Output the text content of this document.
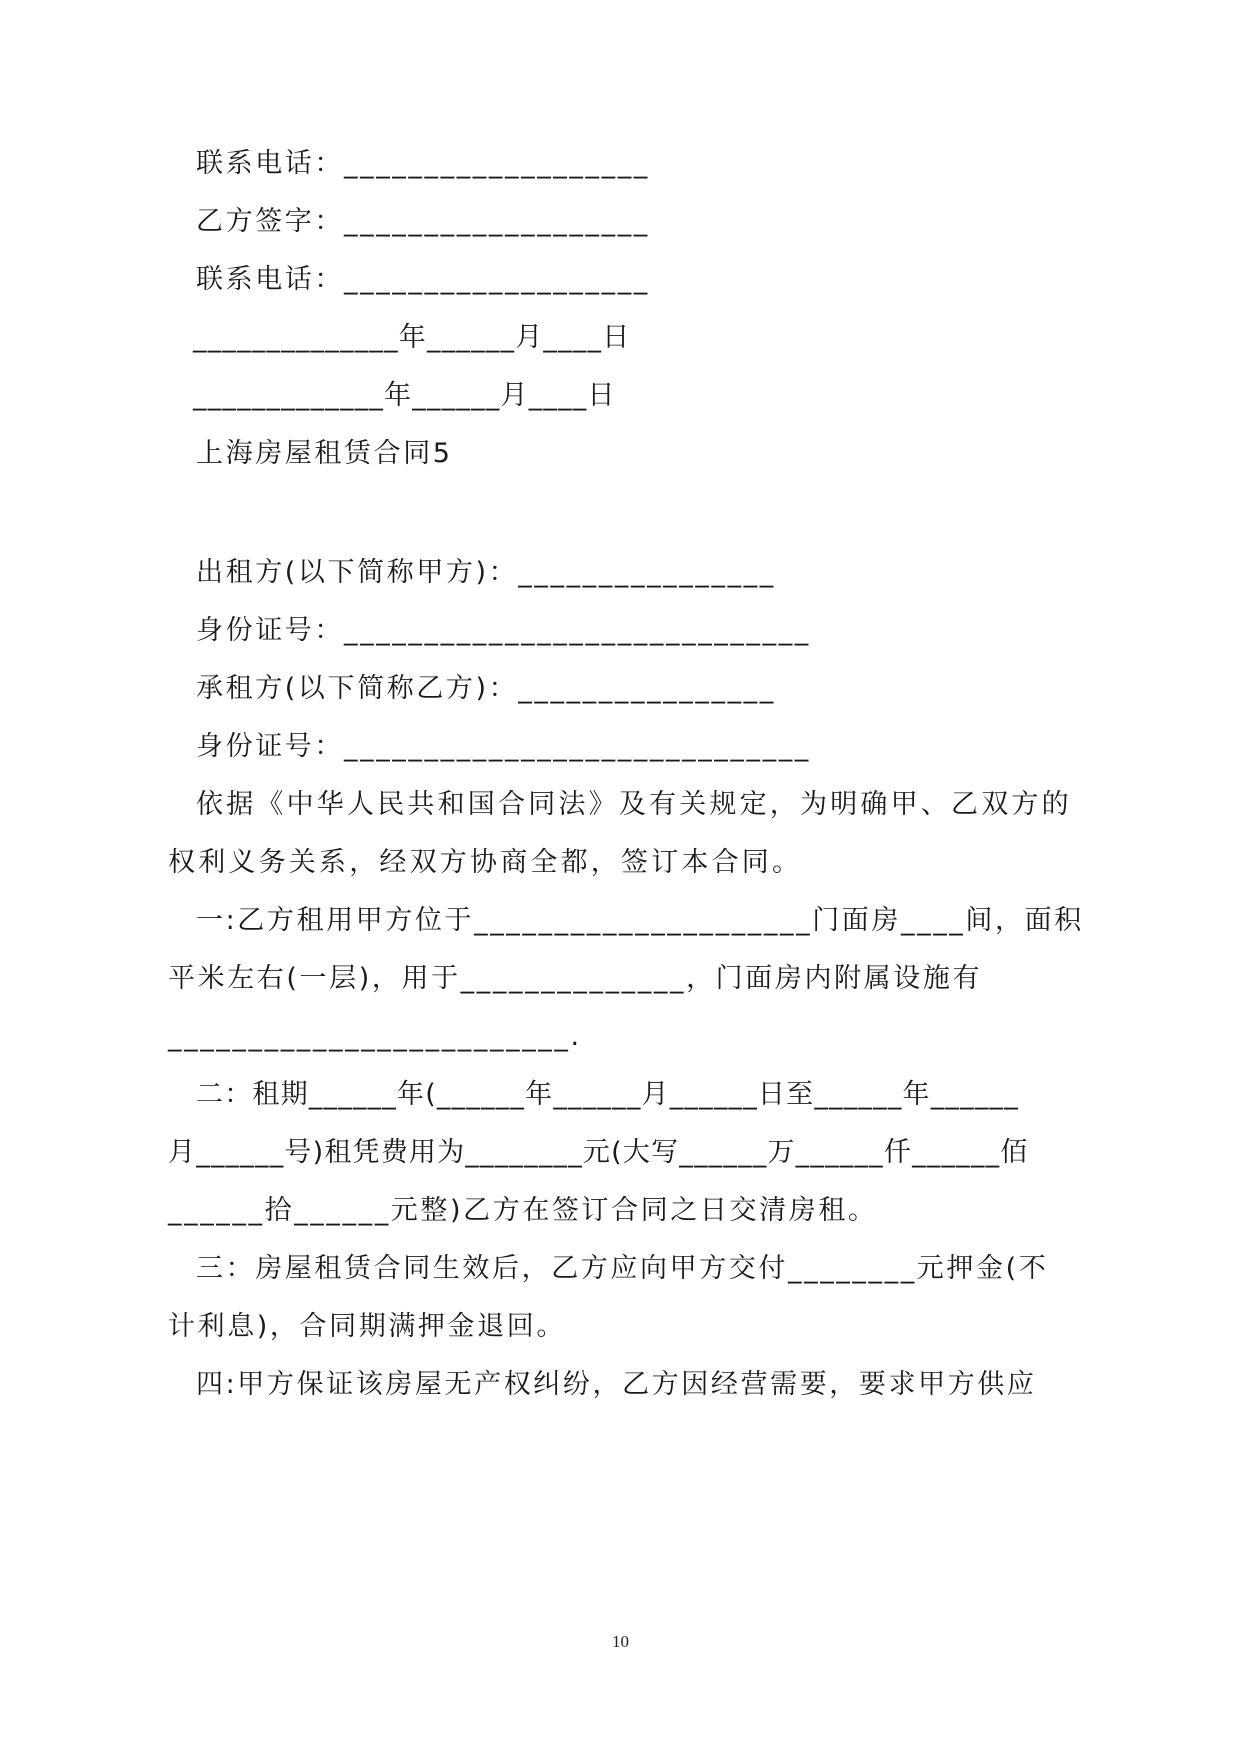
联系电话：___________________
乙方签字：___________________
联系电话：___________________
______________年______月____日
_____________年______月____日
上海房屋租赁合同5
出租方(以下简称甲方)：________________
身份证号：_____________________________
承租方(以下简称乙方)：________________
身份证号：_____________________________
依据《中华人民共和国合同法》及有关规定，为明确甲、乙双方的
权利义务关系，经双方协商全都，签订本合同。
一:乙方租用甲方位于_____________________门面房____间，面积
平米左右(一层)，用于______________，门面房内附属设施有
_________________________.
二：租期______年(______年______月______日至______年______
月______号)租凭费用为________元(大写______万______仟______佰
______拾______元整)乙方在签订合同之日交清房租。
三：房屋租赁合同生效后，乙方应向甲方交付________元押金(不
计利息)，合同期满押金退回。
四:甲方保证该房屋无产权纠纷，乙方因经营需要，要求甲方供应
10
